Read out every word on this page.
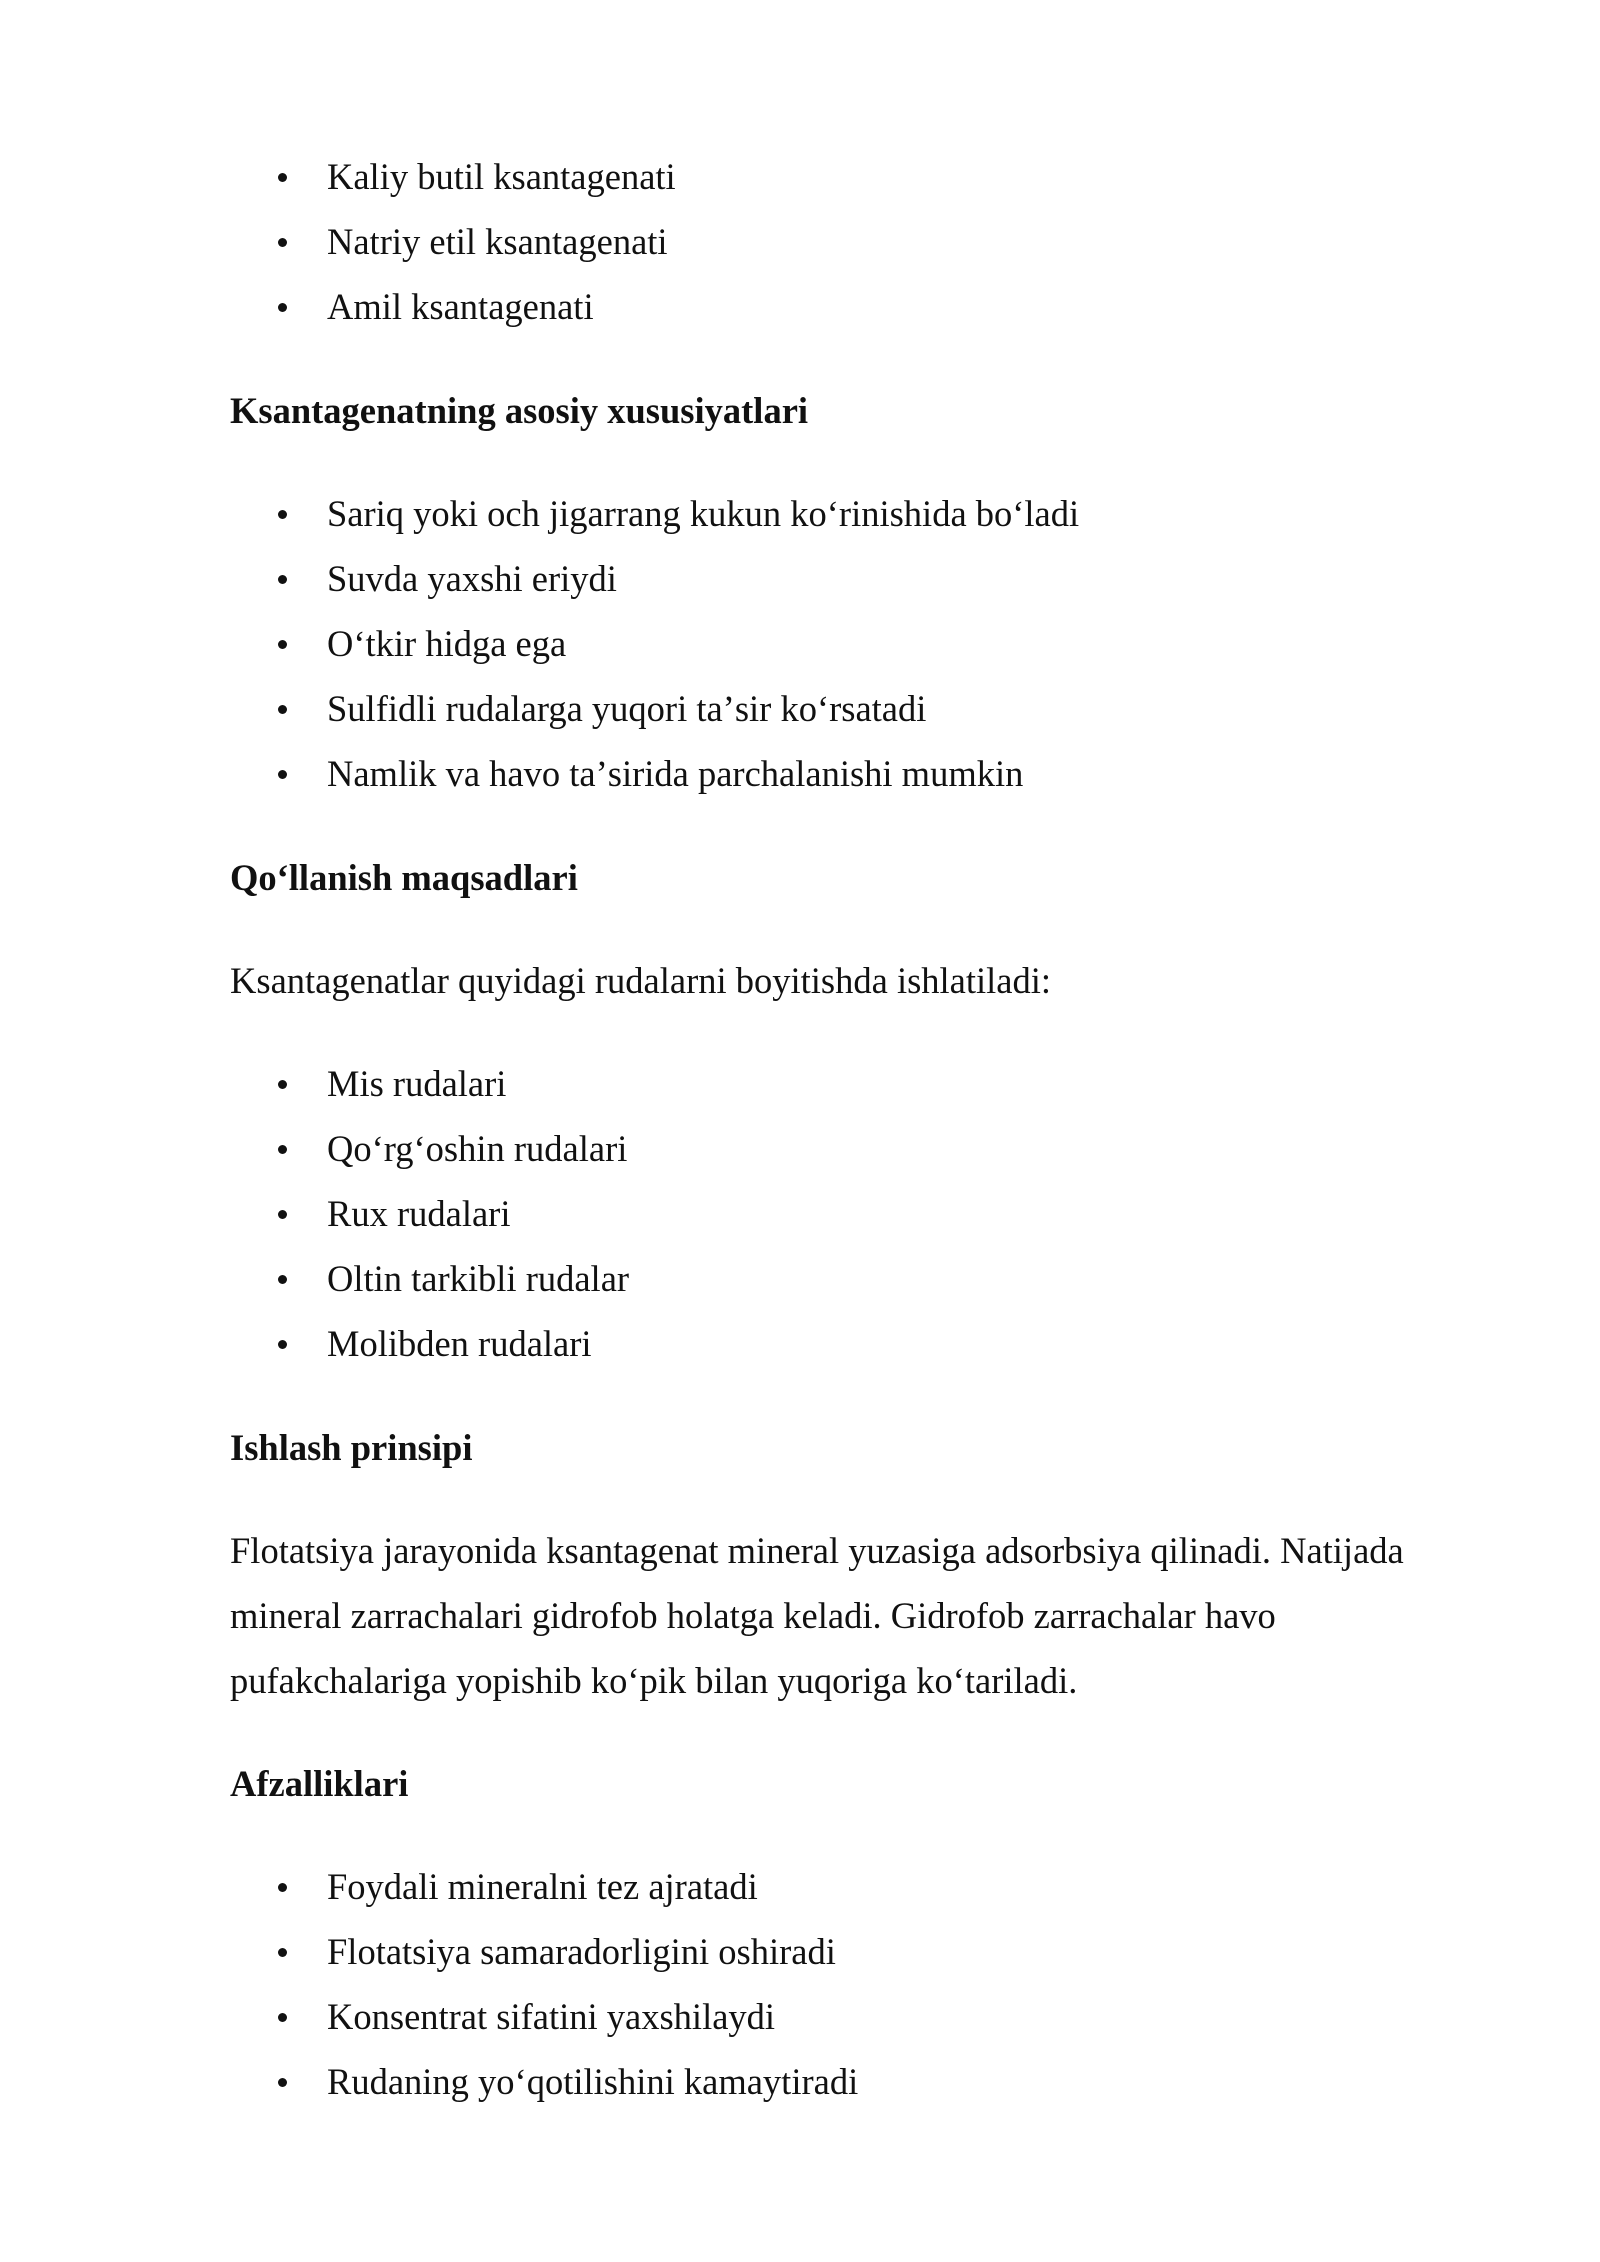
Kaliy butil ksantagenati
Natriy etil ksantagenati
Amil ksantagenati
Ksantagenatning asosiy xususiyatlari
Sariq yoki och jigarrang kukun koʻrinishida boʻladi
Suvda yaxshi eriydi
Oʻtkir hidga ega
Sulfidli rudalarga yuqori taʼsir koʻrsatadi
Namlik va havo taʼsirida parchalanishi mumkin
Qoʻllanish maqsadlari
Ksantagenatlar quyidagi rudalarni boyitishda ishlatiladi:
Mis rudalari
Qoʻrgʻoshin rudalari
Rux rudalari
Oltin tarkibli rudalar
Molibden rudalari
Ishlash prinsipi
Flotatsiya jarayonida ksantagenat mineral yuzasiga adsorbsiya qilinadi. Natijada
mineral zarrachalari gidrofob holatga keladi. Gidrofob zarrachalar havo
pufakchalariga yopishib koʻpik bilan yuqoriga koʻtariladi.
Afzalliklari
Foydali mineralni tez ajratadi
Flotatsiya samaradorligini oshiradi
Konsentrat sifatini yaxshilaydi
Rudaning yoʻqotilishini kamaytiradi
